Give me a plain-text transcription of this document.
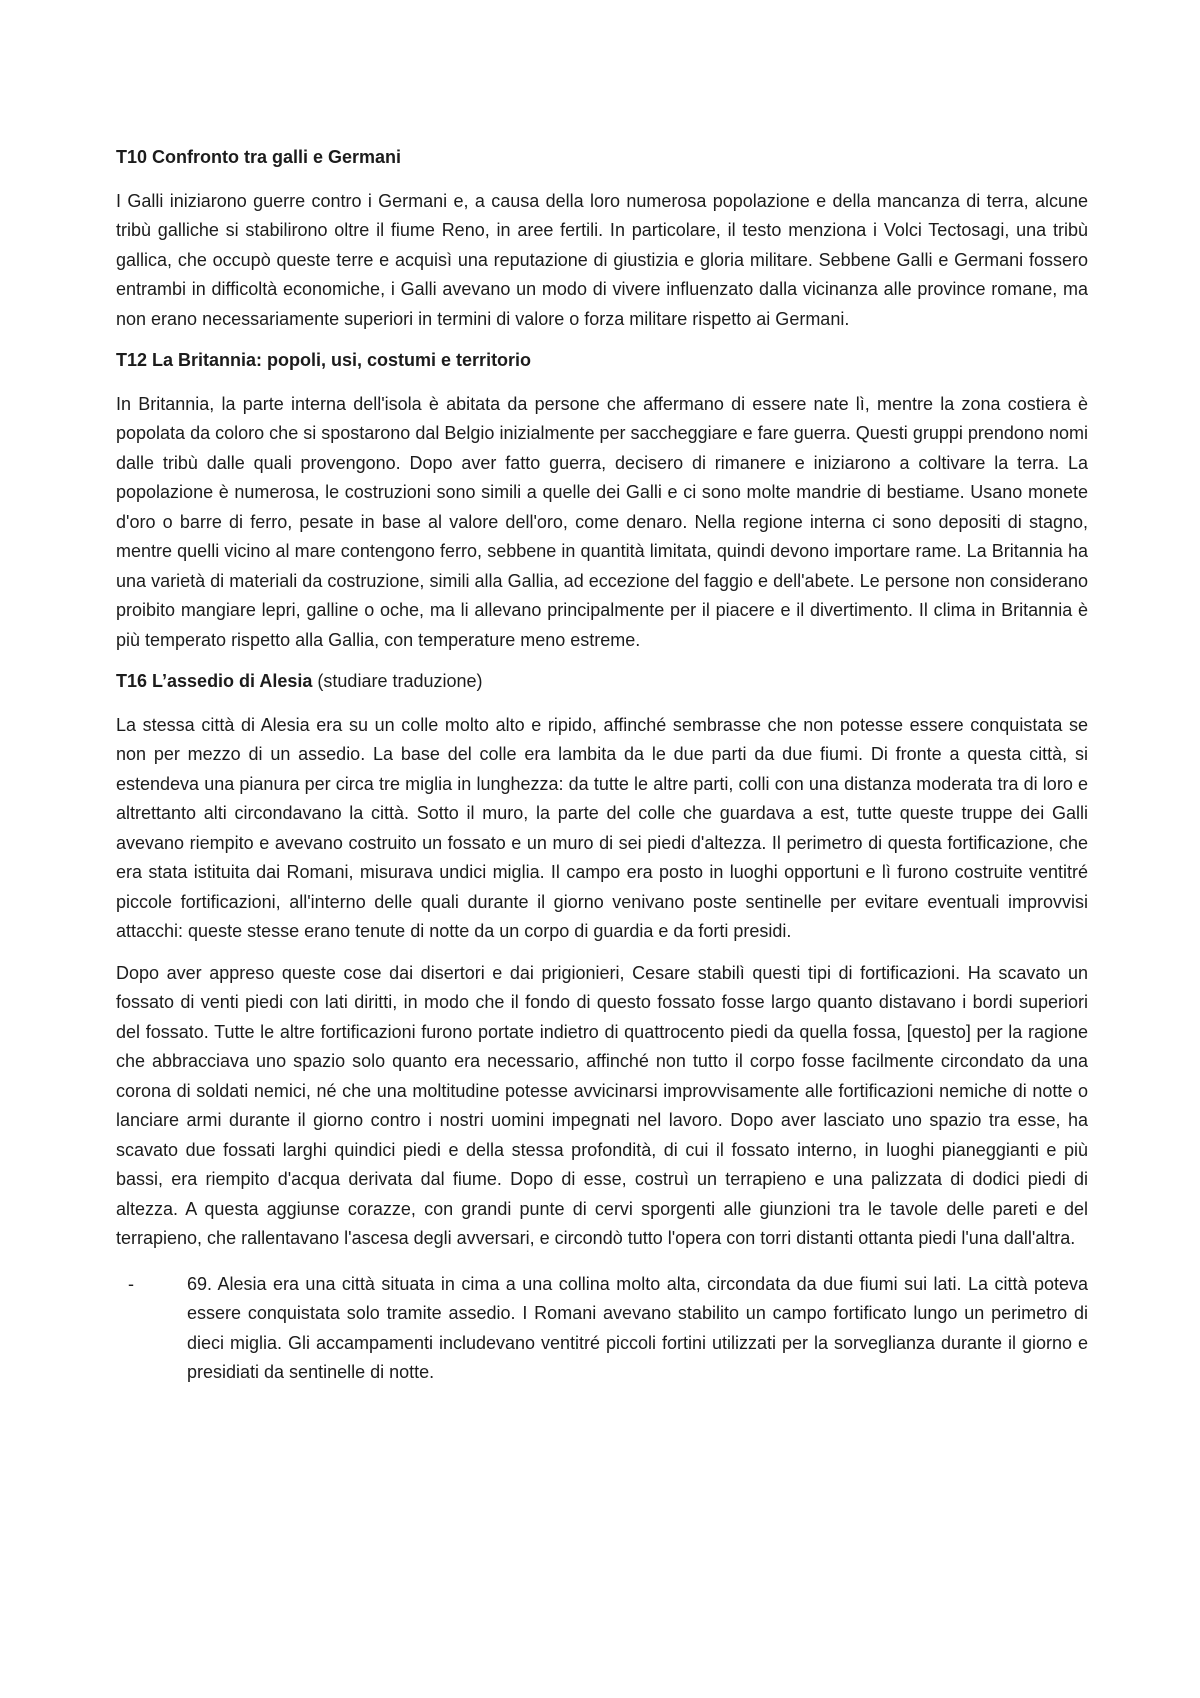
T10 Confronto tra galli e Germani

I Galli iniziarono guerre contro i Germani e, a causa della loro numerosa popolazione e della mancanza di terra, alcune tribù galliche si stabilirono oltre il fiume Reno, in aree fertili. In particolare, il testo menziona i Volci Tectosagi, una tribù gallica, che occupò queste terre e acquisì una reputazione di giustizia e gloria militare. Sebbene Galli e Germani fossero entrambi in difficoltà economiche, i Galli avevano un modo di vivere influenzato dalla vicinanza alle province romane, ma non erano necessariamente superiori in termini di valore o forza militare rispetto ai Germani.

T12 La Britannia: popoli, usi, costumi e territorio

In Britannia, la parte interna dell'isola è abitata da persone che affermano di essere nate lì, mentre la zona costiera è popolata da coloro che si spostarono dal Belgio inizialmente per saccheggiare e fare guerra. Questi gruppi prendono nomi dalle tribù dalle quali provengono. Dopo aver fatto guerra, decisero di rimanere e iniziarono a coltivare la terra. La popolazione è numerosa, le costruzioni sono simili a quelle dei Galli e ci sono molte mandrie di bestiame. Usano monete d'oro o barre di ferro, pesate in base al valore dell'oro, come denaro. Nella regione interna ci sono depositi di stagno, mentre quelli vicino al mare contengono ferro, sebbene in quantità limitata, quindi devono importare rame. La Britannia ha una varietà di materiali da costruzione, simili alla Gallia, ad eccezione del faggio e dell'abete. Le persone non considerano proibito mangiare lepri, galline o oche, ma li allevano principalmente per il piacere e il divertimento. Il clima in Britannia è più temperato rispetto alla Gallia, con temperature meno estreme.

T16 L’assedio di Alesia (studiare traduzione)

La stessa città di Alesia era su un colle molto alto e ripido, affinché sembrasse che non potesse essere conquistata se non per mezzo di un assedio. La base del colle era lambita da le due parti da due fiumi. Di fronte a questa città, si estendeva una pianura per circa tre miglia in lunghezza: da tutte le altre parti, colli con una distanza moderata tra di loro e altrettanto alti circondavano la città. Sotto il muro, la parte del colle che guardava a est, tutte queste truppe dei Galli avevano riempito e avevano costruito un fossato e un muro di sei piedi d'altezza. Il perimetro di questa fortificazione, che era stata istituita dai Romani, misurava undici miglia. Il campo era posto in luoghi opportuni e lì furono costruite ventitré piccole fortificazioni, all'interno delle quali durante il giorno venivano poste sentinelle per evitare eventuali improvvisi attacchi: queste stesse erano tenute di notte da un corpo di guardia e da forti presidi.

Dopo aver appreso queste cose dai disertori e dai prigionieri, Cesare stabilì questi tipi di fortificazioni. Ha scavato un fossato di venti piedi con lati diritti, in modo che il fondo di questo fossato fosse largo quanto distavano i bordi superiori del fossato. Tutte le altre fortificazioni furono portate indietro di quattrocento piedi da quella fossa, [questo] per la ragione che abbracciava uno spazio solo quanto era necessario, affinché non tutto il corpo fosse facilmente circondato da una corona di soldati nemici, né che una moltitudine potesse avvicinarsi improvvisamente alle fortificazioni nemiche di notte o lanciare armi durante il giorno contro i nostri uomini impegnati nel lavoro. Dopo aver lasciato uno spazio tra esse, ha scavato due fossati larghi quindici piedi e della stessa profondità, di cui il fossato interno, in luoghi pianeggianti e più bassi, era riempito d'acqua derivata dal fiume. Dopo di esse, costruì un terrapieno e una palizzata di dodici piedi di altezza. A questa aggiunse corazze, con grandi punte di cervi sporgenti alle giunzioni tra le tavole delle pareti e del terrapieno, che rallentavano l'ascesa degli avversari, e circondò tutto l'opera con torri distanti ottanta piedi l'una dall'altra.

-	69. Alesia era una città situata in cima a una collina molto alta, circondata da due fiumi sui lati. La città poteva essere conquistata solo tramite assedio. I Romani avevano stabilito un campo fortificato lungo un perimetro di dieci miglia. Gli accampamenti includevano ventitré piccoli fortini utilizzati per la sorveglianza durante il giorno e presidiati da sentinelle di notte.
